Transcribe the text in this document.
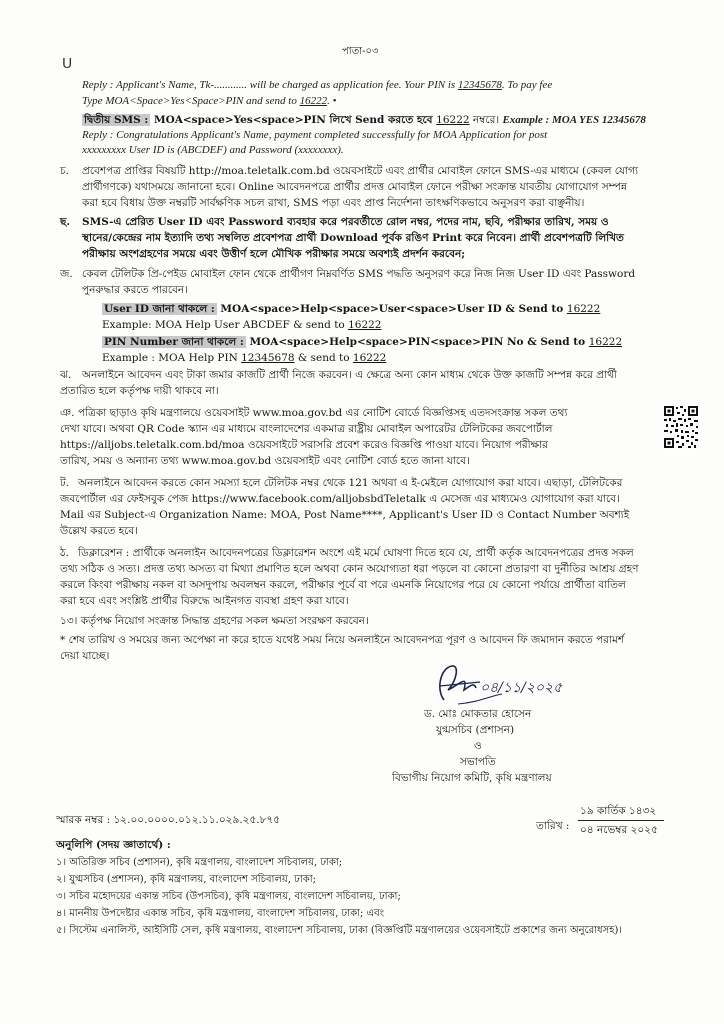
পাতা-০৩
ᑌ
Reply : Applicant's Name, Tk-............ will be charged as application fee. Your PIN is 12345678. To pay fee
Type MOA<Space>Yes<Space>PIN and send to 16222. •
দ্বিতীয় SMS : MOA<space>Yes<space>PIN লিখে Send করতে হবে 16222 নম্বরে। Example : MOA YES 12345678
Reply : Congratulations Applicant's Name, payment completed successfully for MOA Application for post
xxxxxxxxx User ID is (ABCDEF) and Password (xxxxxxxx).
চ. প্রবেশপত্র প্রাপ্তির বিষয়টি http://moa.teletalk.com.bd ওয়েবসাইটে এবং প্রার্থীর মোবাইল ফোনে SMS-এর মাধ্যমে (কেবল যোগ্য
প্রার্থীগণকে) যথাসময়ে জানানো হবে। Online আবেদনপত্রে প্রার্থীর প্রদত্ত মোবাইল ফোনে পরীক্ষা সংক্রান্ত যাবতীয় যোগাযোগ সম্পন্ন
করা হবে বিধায় উক্ত নম্বরটি সার্বক্ষণিক সচল রাখা, SMS পড়া এবং প্রাপ্ত নির্দেশনা তাৎক্ষণিকভাবে অনুসরণ করা বাঞ্ছনীয়।
ছ. SMS-এ প্রেরিত User ID এবং Password ব্যবহার করে পরবর্তীতে রোল নম্বর, পদের নাম, ছবি, পরীক্ষার তারিখ, সময় ও
স্থানের/কেন্দ্রের নাম ইত্যাদি তথ্য সম্বলিত প্রবেশপত্র প্রার্থী Download পূর্বক রঙিণ Print করে নিবেন। প্রার্থী প্রবেশপত্রটি লিখিত
পরীক্ষায় অংশগ্রহণের সময়ে এবং উত্তীর্ণ হলে মৌখিক পরীক্ষার সময়ে অবশ্যই প্রদর্শন করবেন;
জ. কেবল টেলিটক প্রি-পেইড মোবাইল ফোন থেকে প্রার্থীগণ নিম্নবর্ণিত SMS পদ্ধতি অনুসরণ করে নিজ নিজ User ID এবং Password
পুনরুদ্ধার করতে পারবেন।
User ID জানা থাকলে : MOA<space>Help<space>User<space>User ID & Send to 16222
Example: MOA Help User ABCDEF & send to 16222
PIN Number জানা থাকলে : MOA<space>Help<space>PIN<space>PIN No & Send to 16222
Example : MOA Help PIN 12345678 & send to 16222
ঝ. অনলাইনে আবেদন এবং টাকা জমার কাজটি প্রার্থী নিজে করবেন। এ ক্ষেত্রে অন্য কোন মাধ্যম থেকে উক্ত কাজটি সম্পন্ন করে প্রার্থী
প্রতারিত হলে কর্তৃপক্ষ দায়ী থাকবে না।
ঞ. পত্রিকা ছাড়াও কৃষি মন্ত্রণালয়ে ওয়েবসাইট www.moa.gov.bd এর নোটিশ বোর্ডে বিজ্ঞপ্তিসহ এতদসংক্রান্ত সকল তথ্য
দেখা যাবে। অথবা QR Code স্ক্যান এর মাধ্যমে বাংলাদেশের একমাত্র রাষ্ট্রীয় মোবাইল অপারেটর টেলিটকের জবপোর্টাল
https://alljobs.teletalk.com.bd/moa ওয়েবসাইটে সরাসরি প্রবেশ করেও বিজ্ঞপ্তি পাওয়া যাবে। নিয়োগ পরীক্ষার
তারিখ, সময় ও অন্যান্য তথ্য www.moa.gov.bd ওয়েবসাইট এবং নোটিশ বোর্ড হতে জানা যাবে।
ট. অনলাইনে আবেদন করতে কোন সমস্যা হলে টেলিটক নম্বর থেকে 121 অথবা এ ই-মেইলে যোগাযোগ করা যাবে। এছাড়া, টেলিটকের
জবপোর্টাল এর ফেইসবুক পেজ https://www.facebook.com/alljobsbdTeletalk এ মেসেজ এর মাধ্যমেও যোগাযোগ করা যাবে।
Mail এর Subject-এ Organization Name: MOA, Post Name****, Applicant's User ID ও Contact Number অবশ্যই
উল্লেখ করতে হবে।
ঠ. ডিক্লারেশন : প্রার্থীকে অনলাইন আবেদনপত্রের ডিক্লারেশন অংশে এই মর্মে ঘোষণা দিতে হবে যে, প্রার্থী কর্তৃক আবেদনপত্রের প্রদত্ত সকল
তথ্য সঠিক ও সত্য। প্রদত্ত তথ্য অসত্য বা মিথ্যা প্রমাণিত হলে অথবা কোন অযোগ্যতা ধরা পড়লে বা কোনো প্রতারণা বা দুর্নীতির আশ্রয় গ্রহণ
করলে কিংবা পরীক্ষায় নকল বা অসদুপায় অবলম্বন করলে, পরীক্ষার পূর্বে বা পরে এমনকি নিয়োগের পরে যে কোনো পর্যায়ে প্রার্থীতা বাতিল
করা হবে এবং সংশ্লিষ্ট প্রার্থীর বিরুদ্ধে আইনগত ব্যবস্থা গ্রহণ করা যাবে।
১৩। কর্তৃপক্ষ নিয়োগ সংক্রান্ত সিদ্ধান্ত গ্রহণের সকল ক্ষমতা সংরক্ষণ করবেন।
* শেষ তারিখ ও সময়ের জন্য অপেক্ষা না করে হাতে যথেষ্ট সময় নিয়ে অনলাইনে আবেদনপত্র পূরণ ও আবেদন ফি জমাদান করতে পরামর্শ
দেয়া যাচ্ছে।
০৪/১১/২০২৫
ড. মোঃ মোকতার হোসেন
যুগ্মসচিব (প্রশাসন)
ও
সভাপতি
বিভাগীয় নিয়োগ কমিটি, কৃষি মন্ত্রণালয়
স্মারক নম্বর : ১২.০০.০০০০.০১২.১১.০২৯.২৫.৮৭৫	তারিখ :
১৯ কার্তিক ১৪৩২
০৪ নভেম্বর ২০২৫
অনুলিপি (সদয় জ্ঞাতার্থে) :
১। অতিরিক্ত সচিব (প্রশাসন), কৃষি মন্ত্রণালয়, বাংলাদেশ সচিবালয়, ঢাকা;
২। যুগ্মসচিব (প্রশাসন), কৃষি মন্ত্রণালয়, বাংলাদেশ সচিবালয়, ঢাকা;
৩। সচিব মহোদয়ের একান্ত সচিব (উপসচিব), কৃষি মন্ত্রণালয়, বাংলাদেশ সচিবালয়, ঢাকা;
৪। মাননীয় উপদেষ্টার একান্ত সচিব, কৃষি মন্ত্রণালয়, বাংলাদেশ সচিবালয়, ঢাকা; এবং
৫। সিস্টেম এনালিস্ট, আইসিটি সেল, কৃষি মন্ত্রণালয়, বাংলাদেশ সচিবালয়, ঢাকা (বিজ্ঞপ্তিটি মন্ত্রণালয়ের ওয়েবসাইটে প্রকাশের জন্য অনুরোধসহ)।
